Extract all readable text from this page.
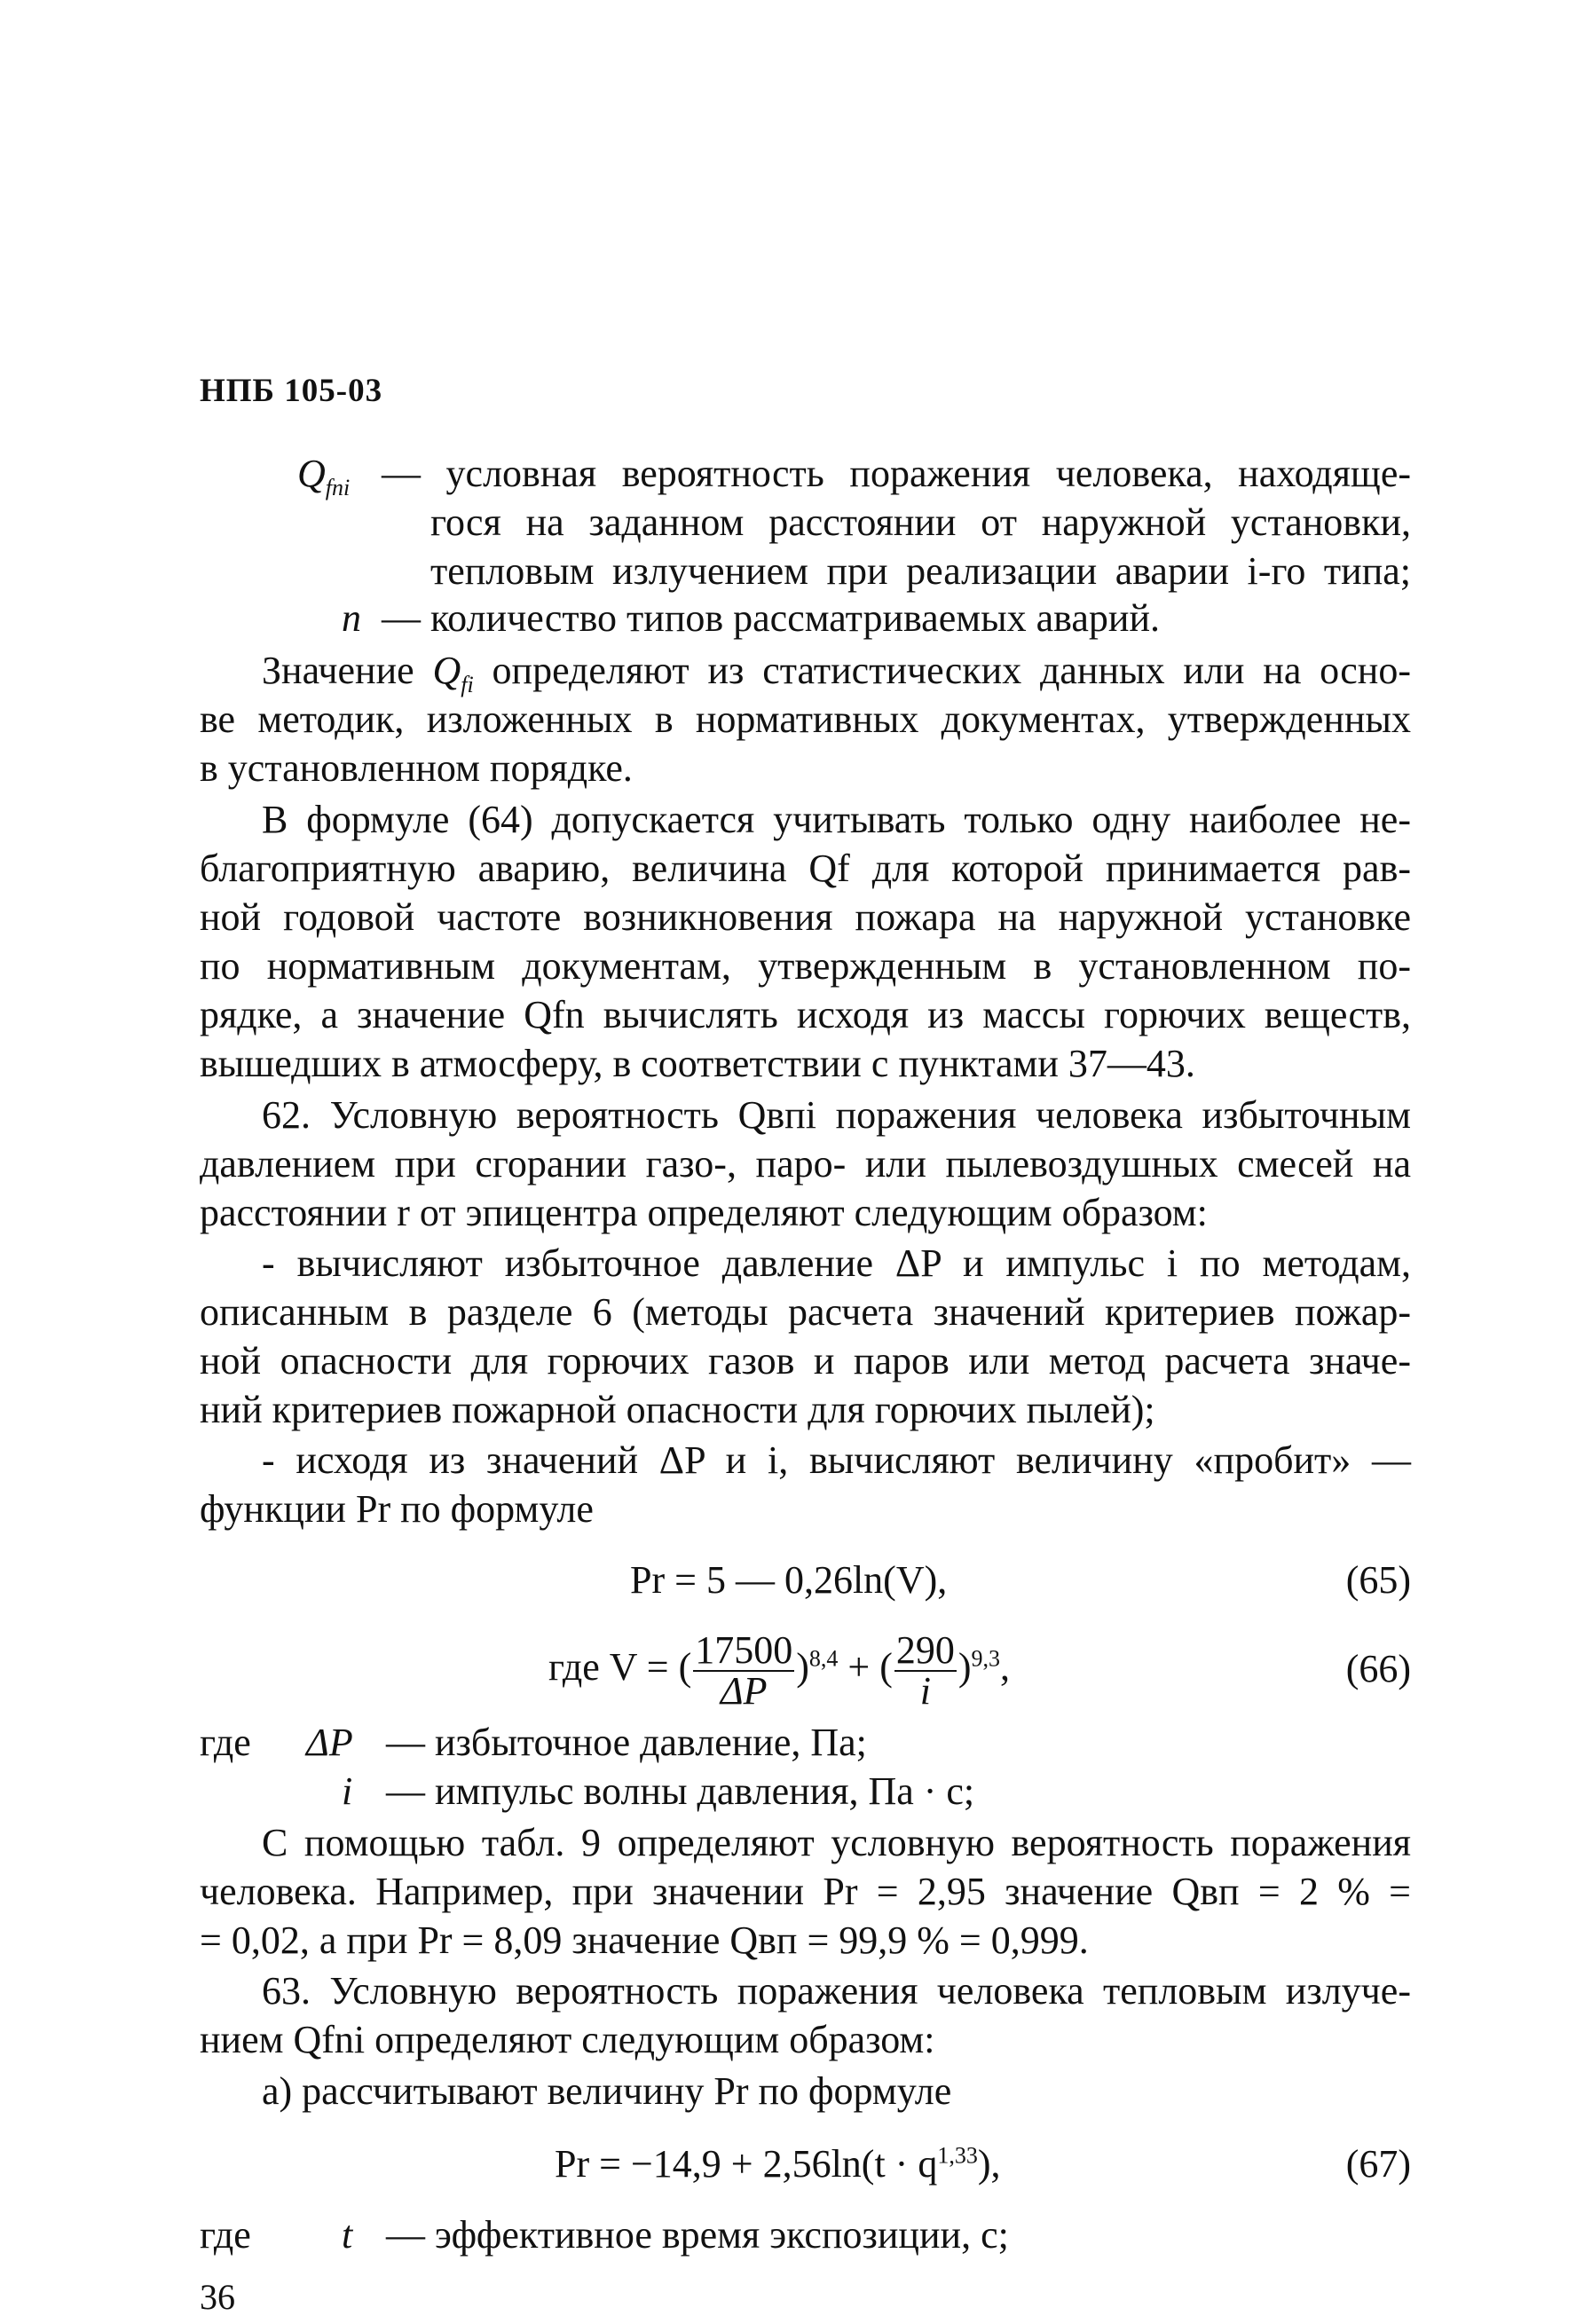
НПБ 105-03
$Q_{fni}$ — условная вероятность поражения человека, находяще-
гося на заданном расстоянии от наружной установки,
тепловым излучением при реализации аварии i-го типа;
n — количество типов рассматриваемых аварий.
Значение $Q_{fi}$ определяют из статистических данных или на осно-
ве методик, изложенных в нормативных документах, утвержденных
в установленном порядке.
В формуле (64) допускается учитывать только одну наиболее не-
благоприятную аварию, величина Qf для которой принимается рав-
ной годовой частоте возникновения пожара на наружной установке
по нормативным документам, утвержденным в установленном по-
рядке, а значение Qfn вычислять исходя из массы горючих веществ,
вышедших в атмосферу, в соответствии с пунктами 37—43.
62. Условную вероятность Qвпi поражения человека избыточным
давлением при сгорании газо-, паро- или пылевоздушных смесей на
расстоянии r от эпицентра определяют следующим образом:
- вычисляют избыточное давление ΔP и импульс i по методам,
описанным в разделе 6 (методы расчета значений критериев пожар-
ной опасности для горючих газов и паров или метод расчета значе-
ний критериев пожарной опасности для горючих пылей);
- исходя из значений ΔP и i, вычисляют величину «пробит» —
функции Pr по формуле
Pr = 5 — 0,26ln(V),	(65)
где V = ( $\frac{17500}{\Delta P} )^{8,4}$ + ( $\frac{290}{i} )^{9,3}$,	(66)
где ΔP — избыточное давление, Па;
i — импульс волны давления, Па · с;
С помощью табл. 9 определяют условную вероятность поражения
человека. Например, при значении Pr = 2,95 значение Qвп = 2 % =
= 0,02, а при Pr = 8,09 значение Qвп = 99,9 % = 0,999.
63. Условную вероятность поражения человека тепловым излуче-
нием Qfni определяют следующим образом:
а) рассчитывают величину Pr по формуле
$Pr = -14,9 + 2,56\ln(t \cdot q^{1,33})$,	(67)
где t — эффективное время экспозиции, с;
36
